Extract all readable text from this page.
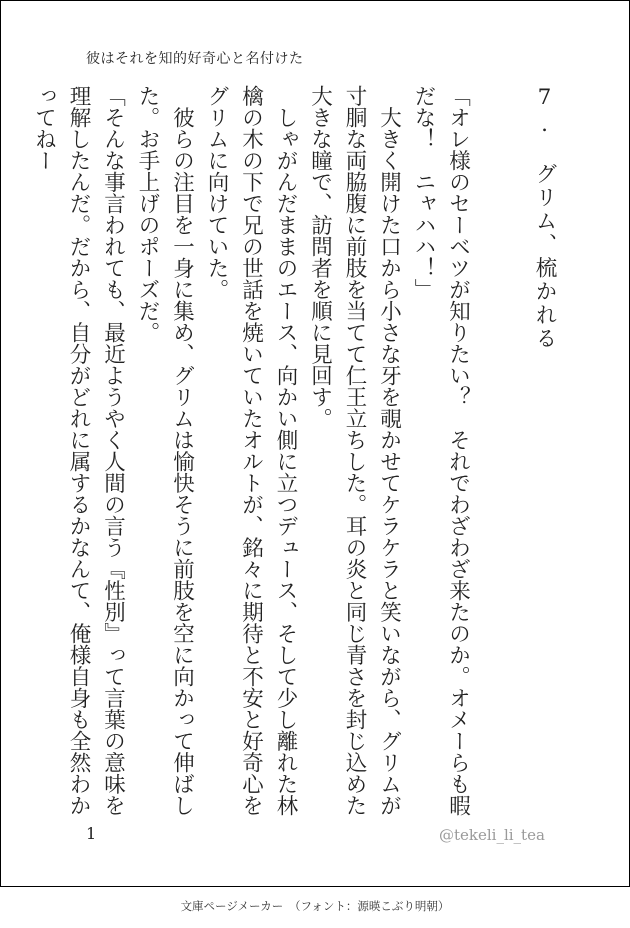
彼はそれを知的好奇心と名付けた

7.　グリム、梳かれる

「オレ様のセーベツが知りたい？　それでわざわざ来たのか。オメーらも暇だな！　ニャハハ！」

　大きく開けた口から小さな牙を覗かせてケラケラと笑いながら、グリムが寸胴な両脇腹に前肢を当てて仁王立ちした。耳の炎と同じ青さを封じ込めた大きな瞳で、訪問者を順に見回す。

　しゃがんだままのエース、向かい側に立つデュース、そして少し離れた林檎の木の下で兄の世話を焼いていたオルトが、銘々に期待と不安と好奇心をグリムに向けていた。

　彼らの注目を一身に集め、グリムは愉快そうに前肢を空に向かって伸ばした。お手上げのポーズだ。

「そんな事言われても、最近ようやく人間の言う『性別』って言葉の意味を理解したんだ。だから、自分がどれに属するかなんて、俺様自身も全然わかってねー

1	@tekeli_li_tea
文庫ページメーカー　（フォント：源暎こぶり明朝）
